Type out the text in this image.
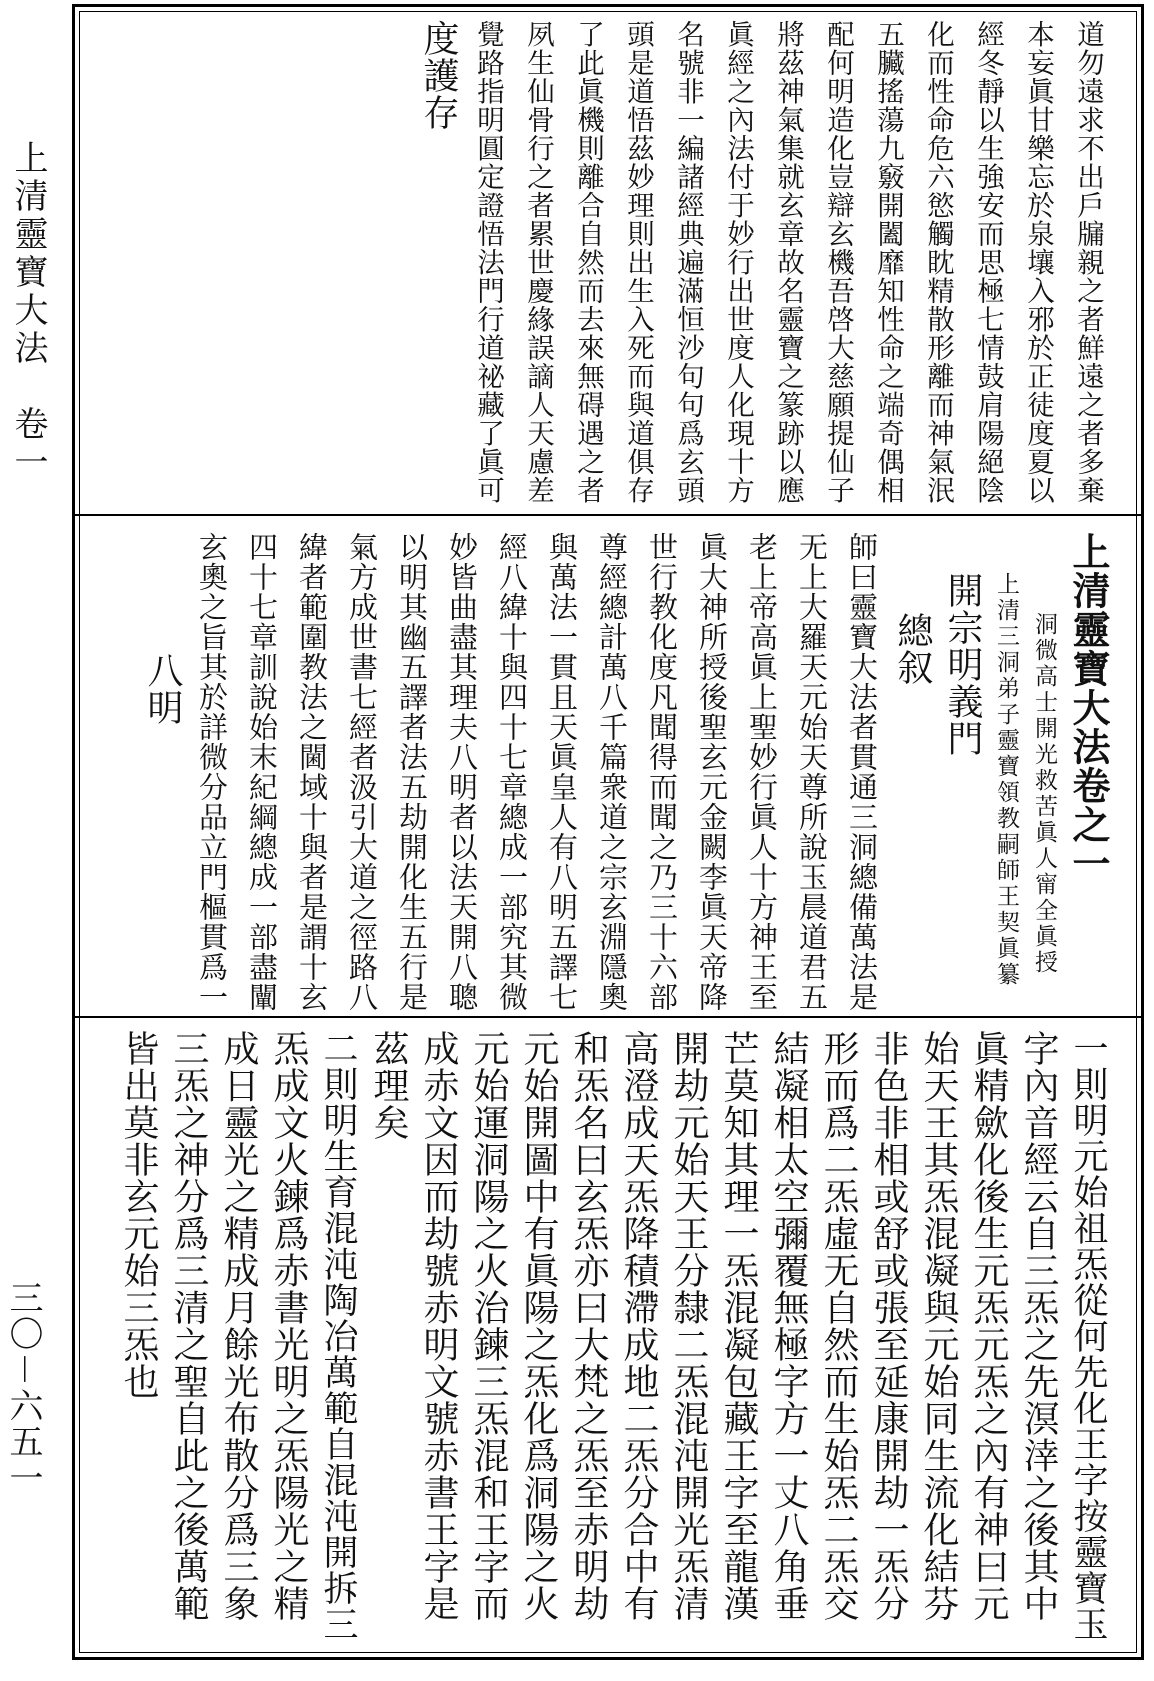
上清靈寶大法　卷一
三〇－六五一
道勿遠求不出戶牖親之者鮮遠之者多棄
本妄眞甘樂忘於泉壤入邪於正徒度夏以
經冬靜以生強安而思極七情鼓肩陽絕陰
化而性命危六慾觸眈精散形離而神氣泯
五臟搖蕩九竅開闔靡知性命之端奇偶相
配何明造化豈辯玄機吾啓大慈願提仙子
將茲神氣集就玄章故名靈寶之篆跡以應
眞經之內法付于妙行出世度人化現十方
名號非一編諸經典遍滿恒沙句句爲玄頭
頭是道悟茲妙理則出生入死而與道俱存
了此眞機則離合自然而去來無碍遇之者
夙生仙骨行之者累世慶緣誤謫人天慮差
覺路指明圓定證悟法門行道祕藏了眞可
度護存
上清靈寶大法卷之一
洞微高士開光救苦眞人甯全眞授
上清三洞弟子靈寶領教嗣師王契眞纂
開宗明義門
總叙
師曰靈寶大法者貫通三洞總備萬法是
无上大羅天元始天尊所說玉晨道君五
老上帝高眞上聖妙行眞人十方神王至
眞大神所授後聖玄元金闕李眞天帝降
世行教化度凡聞得而聞之乃三十六部
尊經總計萬八千篇衆道之宗玄淵隱奧
與萬法一貫且天眞皇人有八明五譯七
經八緯十與四十七章總成一部究其微
妙皆曲盡其理夫八明者以法天開八聰
以明其幽五譯者法五劫開化生五行是
氣方成世書七經者汲引大道之徑路八
緯者範圍教法之閫域十與者是謂十玄
四十七章訓說始末紀綱總成一部盡闡
玄奧之旨其於詳微分品立門樞貫爲一
八明
一則明元始祖炁從何先化王字按靈寶玉
字內音經云自三炁之先溟涬之後其中
眞精歛化後生元炁元炁之內有神曰元
始天王其炁混凝與元始同生流化結芬
非色非相或舒或張至延康開劫一炁分
形而爲二炁虛无自然而生始炁二炁交
結凝相太空彌覆無極字方一丈八角垂
芒莫知其理一炁混凝包藏王字至龍漢
開劫元始天王分隸二炁混沌開光炁清
高澄成天炁降積滯成地二炁分合中有
和炁名曰玄炁亦曰大梵之炁至赤明劫
元始開圖中有眞陽之炁化爲洞陽之火
元始運洞陽之火治鍊三炁混和王字而
成赤文因而劫號赤明文號赤書王字是
茲理矣
二則明生育混沌陶冶萬範自混沌開拆三
炁成文火鍊爲赤書光明之炁陽光之精
成日靈光之精成月餘光布散分爲三象
三炁之神分爲三清之聖自此之後萬範
皆出莫非玄元始三炁也
